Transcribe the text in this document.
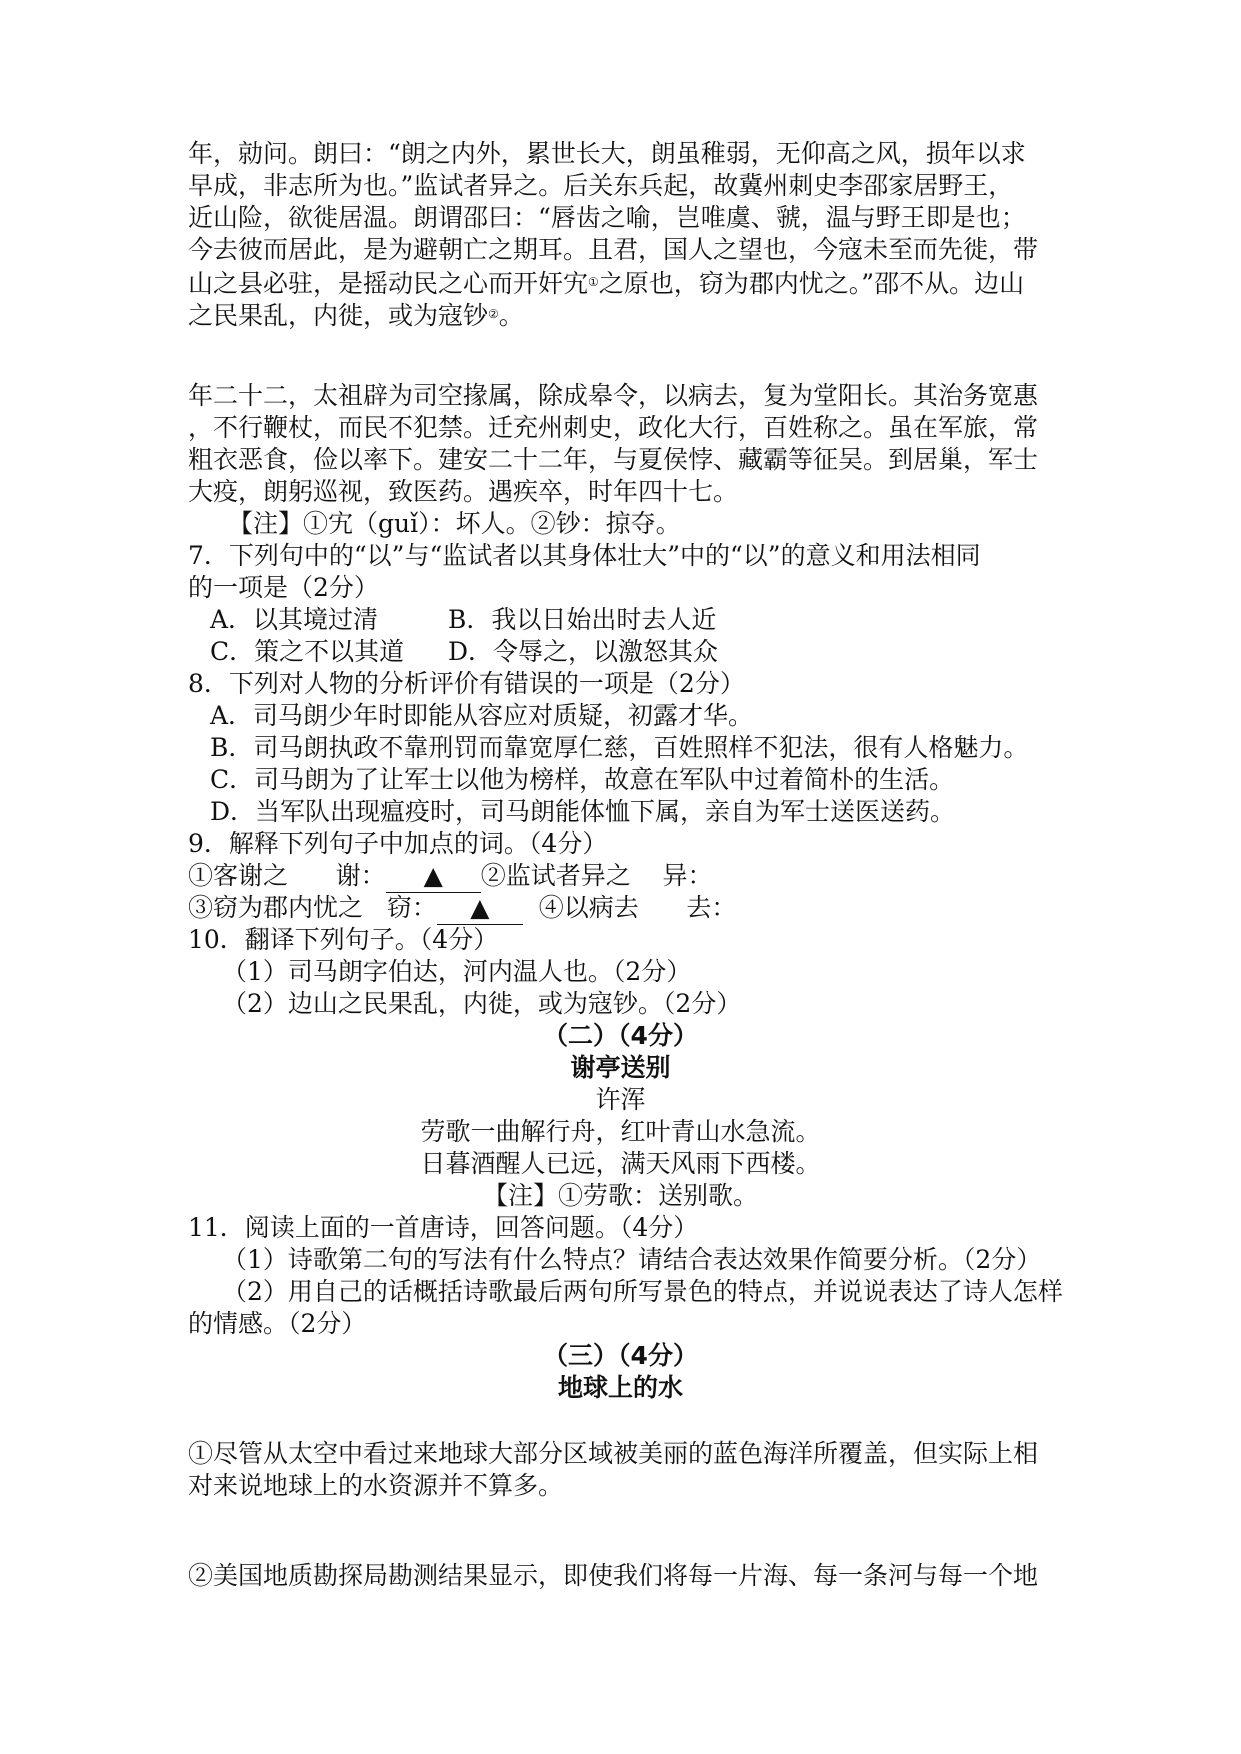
年，勍问。朗曰：“朗之内外，累世长大，朗虽稚弱，无仰高之风，损年以求
早成，非志所为也。”监试者异之。后关东兵起，故冀州刺史李邵家居野王，
近山险，欲徙居温。朗谓邵曰：“唇齿之喻，岂唯虞、虢，温与野王即是也；
今去彼而居此，是为避朝亡之期耳。且君，国人之望也，今寇未至而先徙，带
山之县必驻，是摇动民之心而开奸宄①之原也，窃为郡内忧之。”邵不从。边山
之民果乱，内徙，或为寇钞②。
年二十二，太祖辟为司空掾属，除成皋令，以病去，复为堂阳长。其治务宽惠
，不行鞭杖，而民不犯禁。迁充州刺史，政化大行，百姓称之。虽在军旅，常
粗衣恶食，俭以率下。建安二十二年，与夏侯悖、藏霸等征吴。到居巢，军士
大疫，朗躬巡视，致医药。遇疾卒，时年四十七。
【注】①宄（guǐ）：坏人。②钞：掠夺。
7．下列句中的“以”与“监试者以其身体壮大”中的“以”的意义和用法相同
的一项是（2分）
A．以其境过清	B．我以日始出时去人近
C．策之不以其道 D．令辱之，以激怒其众
8．下列对人物的分析评价有错误的一项是（2分）
A．司马朗少年时即能从容应对质疑，初露才华。
B．司马朗执政不靠刑罚而靠宽厚仁慈，百姓照样不犯法，很有人格魅力。
C．司马朗为了让军士以他为榜样，故意在军队中过着简朴的生活。
D．当军队出现瘟疫时，司马朗能体恤下属，亲自为军士送医送药。
9．解释下列句子中加点的词。（4分）
①客谢之      谢： ▲ ②监试者异之    异：
③窃为郡内忧之   窃： ▲ ④以病去      去：
10．翻译下列句子。（4分）
（1）司马朗字伯达，河内温人也。（2分）
（2）边山之民果乱，内徙，或为寇钞。（2分）
（二）（4分）
谢亭送别
许浑
劳歌一曲解行舟，红叶青山水急流。
日暮酒醒人已远，满天风雨下西楼。
【注】①劳歌：送别歌。
11．阅读上面的一首唐诗，回答问题。（4分）
（1）诗歌第二句的写法有什么特点？请结合表达效果作简要分析。（2分）
（2）用自己的话概括诗歌最后两句所写景色的特点，并说说表达了诗人怎样
的情感。（2分）
（三）（4分）
地球上的水
①尽管从太空中看过来地球大部分区域被美丽的蓝色海洋所覆盖，但实际上相
对来说地球上的水资源并不算多。
②美国地质勘探局勘测结果显示，即使我们将每一片海、每一条河与每一个地
